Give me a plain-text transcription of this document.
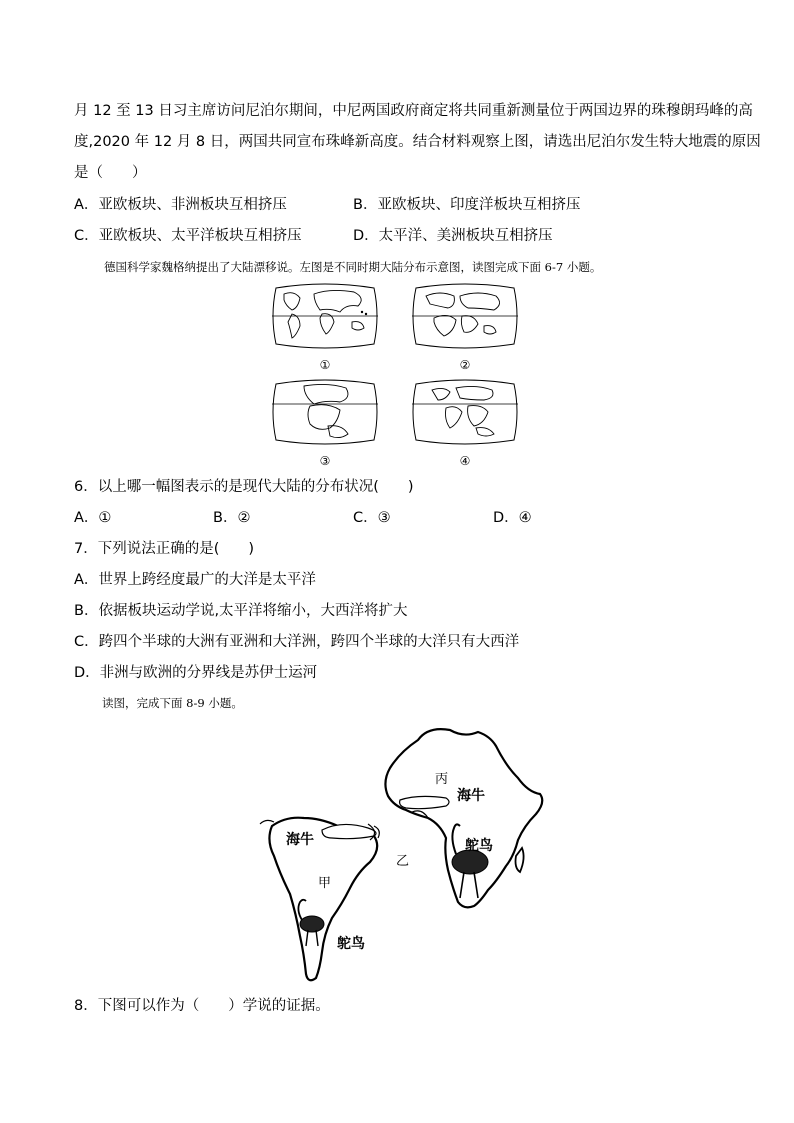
月 12 至 13 日习主席访问尼泊尔期间，中尼两国政府商定将共同重新测量位于两国边界的珠穆朗玛峰的高
度,2020 年 12 月 8 日，两国共同宣布珠峰新高度。结合材料观察上图，请选出尼泊尔发生特大地震的原因
是（　　）
A．亚欧板块、非洲板块互相挤压	B．亚欧板块、印度洋板块互相挤压
C．亚欧板块、太平洋板块互相挤压	D．太平洋、美洲板块互相挤压
德国科学家魏格纳提出了大陆漂移说。左图是不同时期大陆分布示意图，读图完成下面 6-7 小题。
①	②
③	④
6．以上哪一幅图表示的是现代大陆的分布状况(　　)
A．①	B．②	C．③	D．④
7．下列说法正确的是(　　)
A．世界上跨经度最广的大洋是太平洋
B．依据板块运动学说,太平洋将缩小，大西洋将扩大
C．跨四个半球的大洲有亚洲和大洋洲，跨四个半球的大洋只有大西洋
D．非洲与欧洲的分界线是苏伊士运河
读图，完成下面 8-9 小题。
丙
海牛
海牛	鸵鸟
乙
甲
鸵鸟
8．下图可以作为（　　）学说的证据。
